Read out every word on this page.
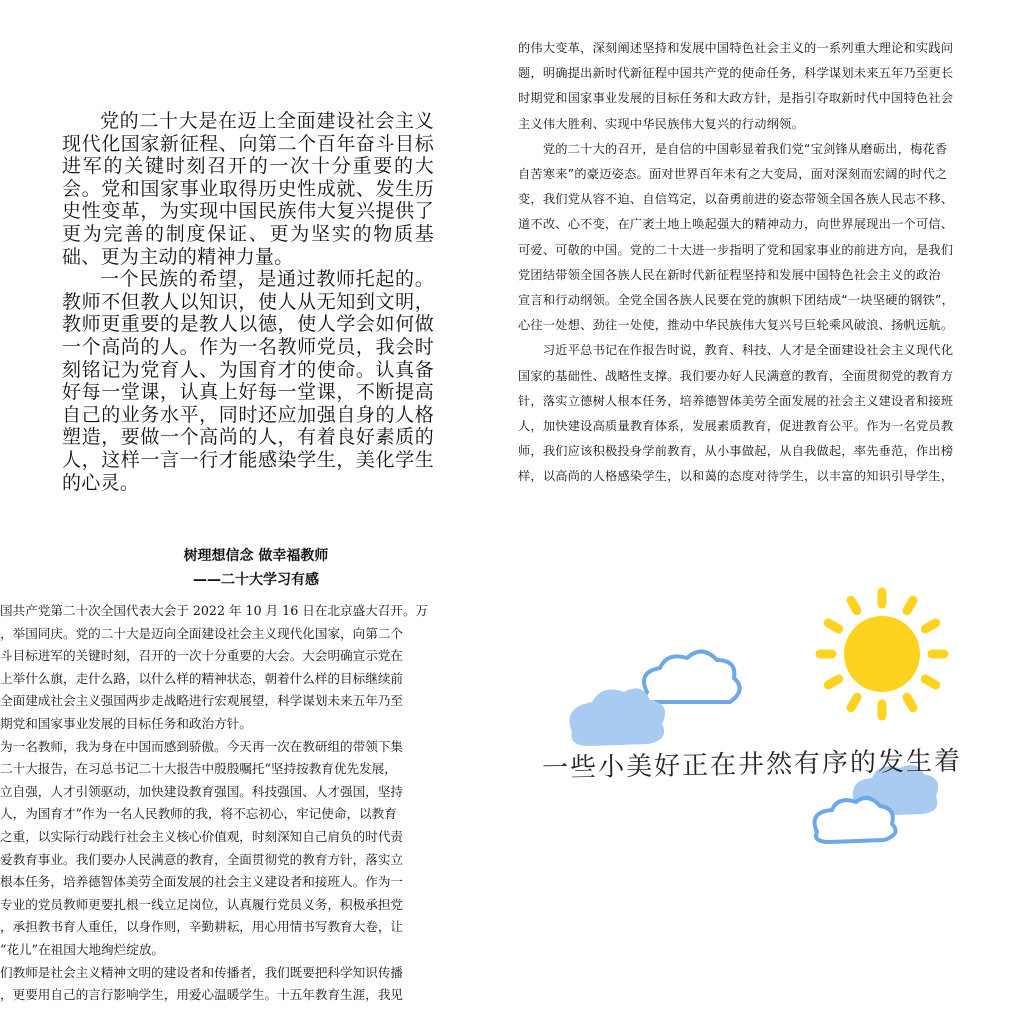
党的二十大是在迈上全面建设社会主义现代化国家新征程、向第二个百年奋斗目标进军的关键时刻召开的一次十分重要的大会。党和国家事业取得历史性成就、发生历史性变革，为实现中国民族伟大复兴提供了更为完善的制度保证、更为坚实的物质基础、更为主动的精神力量。

一个民族的希望，是通过教师托起的。教师不但教人以知识，使人从无知到文明，教师更重要的是教人以德，使人学会如何做一个高尚的人。作为一名教师党员，我会时刻铭记为党育人、为国育才的使命。认真备好每一堂课，认真上好每一堂课，不断提高自己的业务水平，同时还应加强自身的人格塑造，要做一个高尚的人，有着良好素质的人，这样一言一行才能感染学生，美化学生的心灵。

的伟大变革，深刻阐述坚持和发展中国特色社会主义的一系列重大理论和实践问
题，明确提出新时代新征程中国共产党的使命任务，科学谋划未来五年乃至更长
时期党和国家事业发展的目标任务和大政方针，是指引夺取新时代中国特色社会
主义伟大胜利、实现中华民族伟大复兴的行动纲领。
　　党的二十大的召开，是自信的中国彰显着我们党“宝剑锋从磨砺出，梅花香
自苦寒来”的豪迈姿态。面对世界百年未有之大变局，面对深刻而宏阔的时代之
变，我们党从容不迫、自信笃定，以奋勇前进的姿态带领全国各族人民志不移、
道不改、心不变，在广袤土地上唤起强大的精神动力，向世界展现出一个可信、
可爱、可敬的中国。党的二十大进一步指明了党和国家事业的前进方向，是我们
党团结带领全国各族人民在新时代新征程坚持和发展中国特色社会主义的政治
宣言和行动纲领。全党全国各族人民要在党的旗帜下团结成“一块坚硬的钢铁”，
心往一处想、劲往一处使，推动中华民族伟大复兴号巨轮乘风破浪、扬帆远航。
　　习近平总书记在作报告时说，教育、科技、人才是全面建设社会主义现代化
国家的基础性、战略性支撑。我们要办好人民满意的教育，全面贯彻党的教育方
针，落实立德树人根本任务，培养德智体美劳全面发展的社会主义建设者和接班
人，加快建设高质量教育体系，发展素质教育，促进教育公平。作为一名党员教
师，我们应该积极投身学前教育，从小事做起，从自我做起，率先垂范，作出榜
样，以高尚的人格感染学生，以和蔼的态度对待学生，以丰富的知识引导学生，
树理想信念 做幸福教师
——二十大学习有感
国共产党第二十次全国代表大会于 2022 年 10 月 16 日在北京盛大召开。万
，举国同庆。党的二十大是迈向全面建设社会主义现代化国家，向第二个
斗目标进军的关键时刻，召开的一次十分重要的大会。大会明确宣示党在
上举什么旗，走什么路，以什么样的精神状态，朝着什么样的目标继续前
全面建成社会主义强国两步走战略进行宏观展望，科学谋划未来五年乃至
期党和国家事业发展的目标任务和政治方针。
为一名教师，我为身在中国而感到骄傲。今天再一次在教研组的带领下集
二十大报告，在习总书记二十大报告中殷殷嘱托“坚持按教育优先发展，
立自强，人才引领驱动，加快建设教育强国。科技强国、人才强国，坚持
人，为国育才”作为一名人民教师的我，将不忘初心，牢记使命，以教育
之重，以实际行动践行社会主义核心价值观，时刻深知自己肩负的时代责
爱教育事业。我们要办人民满意的教育，全面贯彻党的教育方针，落实立
根本任务，培养德智体美劳全面发展的社会主义建设者和接班人。作为一
专业的党员教师更要扎根一线立足岗位，认真履行党员义务，积极承担党
，承担教书育人重任，以身作则，辛勤耕耘，用心用情书写教育大卷，让
“花儿”在祖国大地绚烂绽放。
们教师是社会主义精神文明的建设者和传播者，我们既要把科学知识传播
，更要用自己的言行影响学生，用爱心温暖学生。十五年教育生涯，我见
一些小美好正在井然有序的发生着
